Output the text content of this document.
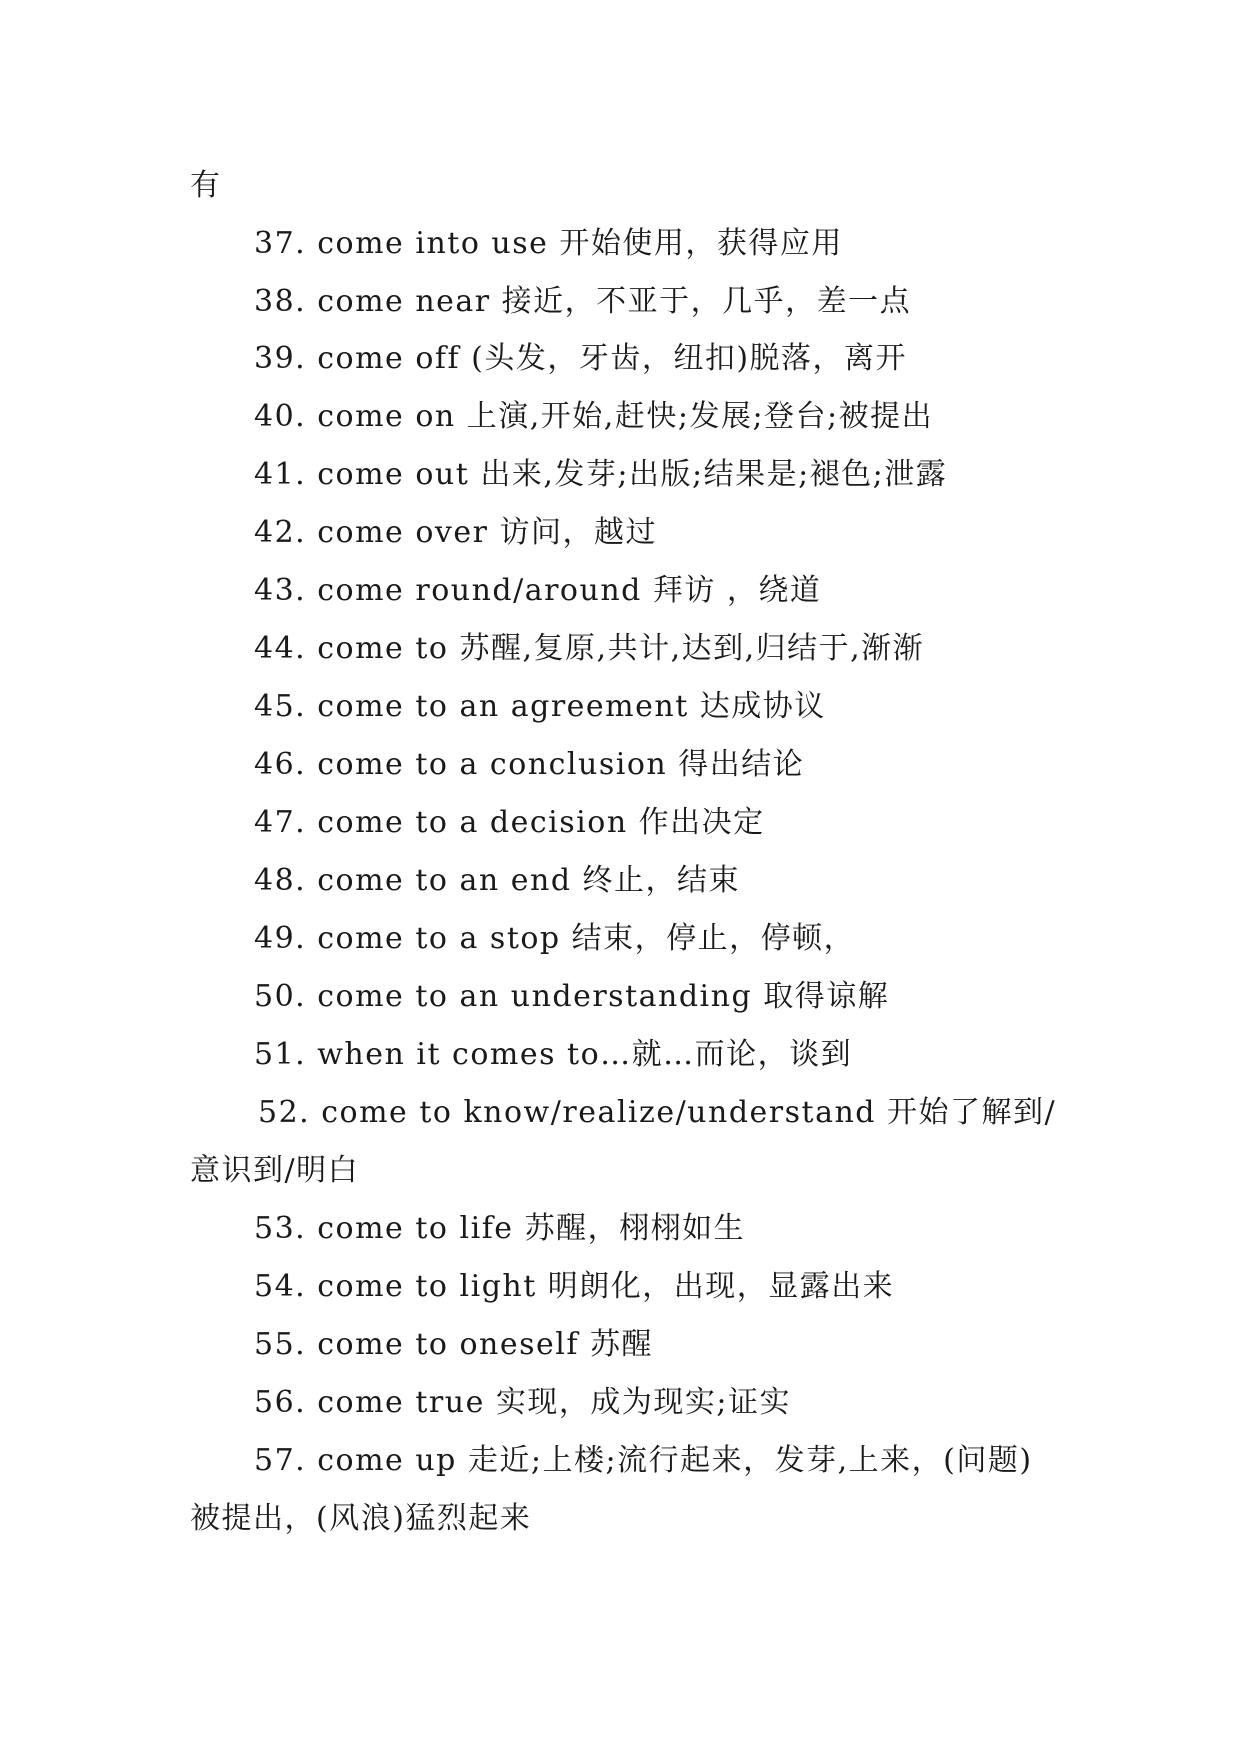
有
37. come into use 开始使用，获得应用
38. come near 接近，不亚于，几乎，差一点
39. come off (头发，牙齿，纽扣)脱落，离开
40. come on 上演,开始,赶快;发展;登台;被提出
41. come out 出来,发芽;出版;结果是;褪色;泄露
42. come over 访问，越过
43. come round/around 拜访 ，绕道
44. come to 苏醒,复原,共计,达到,归结于,渐渐
45. come to an agreement 达成协议
46. come to a conclusion 得出结论
47. come to a decision 作出决定
48. come to an end 终止，结束
49. come to a stop 结束，停止，停顿，
50. come to an understanding 取得谅解
51. when it comes to…就…而论，谈到
52. come to know/realize/understand 开始了解到/
意识到/明白
53. come to life 苏醒，栩栩如生
54. come to light 明朗化，出现，显露出来
55. come to oneself 苏醒
56. come true 实现，成为现实;证实
57. come up 走近;上楼;流行起来，发芽,上来，(问题)
被提出，(风浪)猛烈起来
